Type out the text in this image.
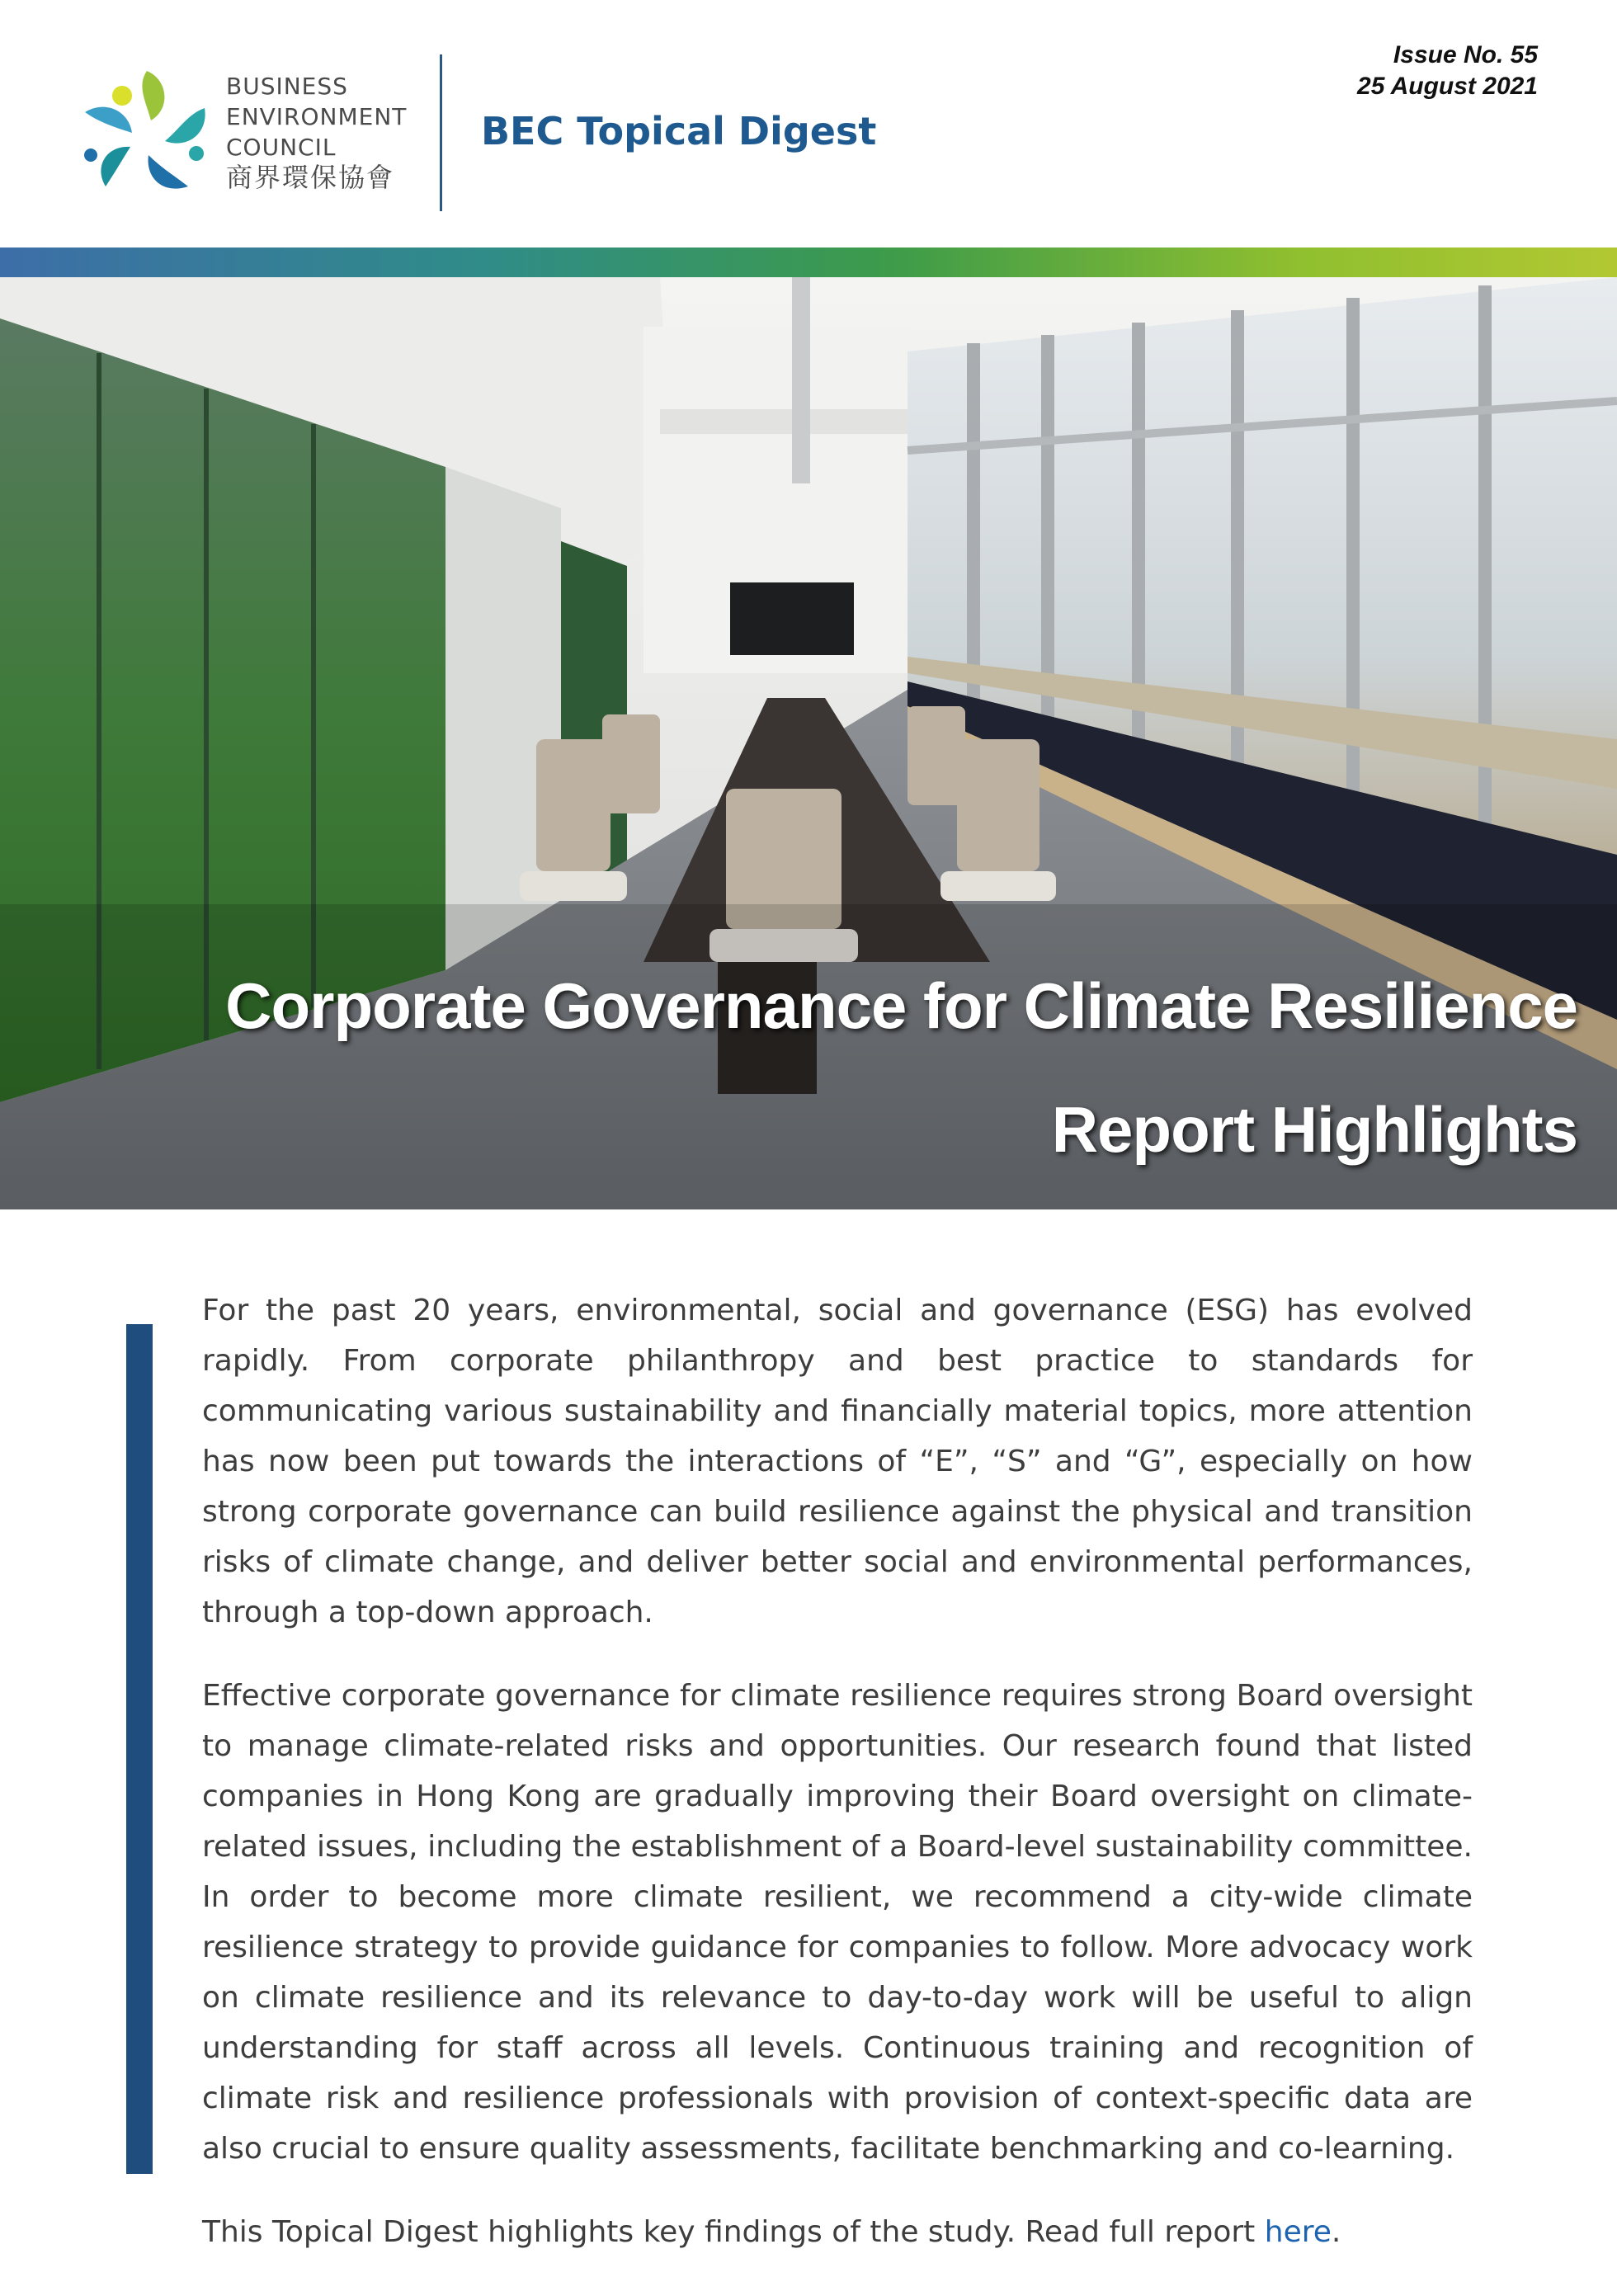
BUSINESS
ENVIRONMENT
COUNCIL
商界環保協會
BEC Topical Digest
Issue No. 55
25 August 2021
Corporate Governance for Climate Resilience
Report Highlights

For the past 20 years, environmental, social and governance (ESG) has evolved rapidly. From corporate philanthropy and best practice to standards for communicating various sustainability and financially material topics, more attention has now been put towards the interactions of “E”, “S” and “G”, especially on how strong corporate governance can build resilience against the physical and transition risks of climate change, and deliver better social and environmental performances, through a top-down approach.

Effective corporate governance for climate resilience requires strong Board oversight to manage climate-related risks and opportunities. Our research found that listed companies in Hong Kong are gradually improving their Board oversight on climate-related issues, including the establishment of a Board-level sustainability committee. In order to become more climate resilient, we recommend a city-wide climate resilience strategy to provide guidance for companies to follow. More advocacy work on climate resilience and its relevance to day-to-day work will be useful to align understanding for staff across all levels. Continuous training and recognition of climate risk and resilience professionals with provision of context-specific data are also crucial to ensure quality assessments, facilitate benchmarking and co-learning.

This Topical Digest highlights key findings of the study. Read full report here.
